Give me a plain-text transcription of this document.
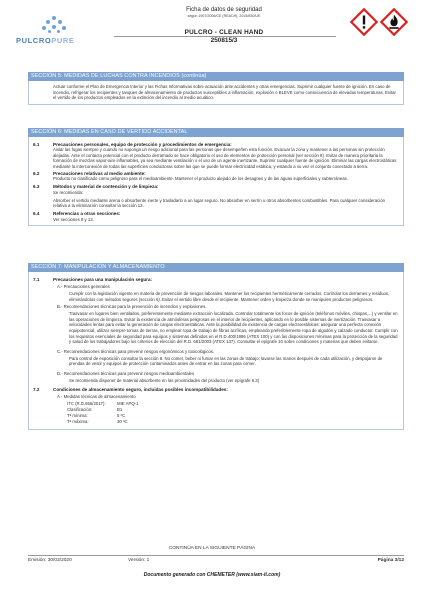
PULCROPURE
Ficha de datos de seguridad
según 1907/2006/CE (REACH), 2015/830/UE
PULCRO - CLEAN HAND
250815/3
SECCIÓN 5: MEDIDAS DE LUCHAS CONTRA INCENDIOS (continúa)
Actuar conforme el Plan de Emergencia Interior y las Fichas Informativas sobre actuación ante accidentes y otras emergencias. Suprimir cualquier fuente de ignición. En caso de incendio, refrigerar los recipientes y tanques de almacenamiento de productos susceptibles a inflamación, explosión o BLEVE como consecuencia de elevadas temperaturas. Evitar el vertido de los productos empleados en la extinción del incendio al medio acuático.
SECCIÓN 6: MEDIDAS EN CASO DE VERTIDO ACCIDENTAL
6.1	Precauciones personales, equipo de protección y procedimientos de emergencia:
Aislar las fugas siempre y cuando no suponga un riesgo adicional para las personas que desempeñen esta función. Evacuar la zona y mantener a las personas sin protección alejadas. Ante el contacto potencial con el producto derramado se hace obligatorio el uso de elementos de protección personal (ver sección 8). Evitar de manera prioritaria la formación de mezclas vapor-aire inflamables, ya sea mediante ventilación o el uso de un agente inertizante. Suprimir cualquier fuente de ignición. Eliminar las cargas electrostáticas mediante la interconexión de todas las superficies conductoras sobre las que se puede formar electricidad estática, y estando a su vez el conjunto conectado a tierra.
6.2	Precauciones relativas al medio ambiente:
Producto no clasificado como peligroso para el medioambiente. Mantener el producto alejado de los desagües y de las aguas superficiales y subterráneas.
6.3	Métodos y material de contención y de limpieza:
Se recomienda:
Absorber el vertido mediante arena o absorbente inerte y trasladarlo a un lugar seguro. No absorber en serrín u otros absorbentes combustibles. Para cualquier consideración relativa a la eliminación consultar la sección 13.
6.4	Referencias a otras secciones:
Ver secciones 8 y 13.
SECCIÓN 7: MANIPULACIÓN Y ALMACENAMIENTO
7.1	Precauciones para una manipulación segura:
A.- Precauciones generales
Cumplir con la legislación vigente en materia de prevención de riesgos laborales. Mantener los recipientes herméticamente cerrados. Controlar los derrames y residuos, eliminándolos con métodos seguros (sección 6). Evitar el vertido libre desde el recipiente. Mantener orden y limpieza donde se manipulen productos peligrosos.
B.- Recomendaciones técnicas para la prevención de incendios y explosiones.
Trasvasar en lugares bien ventilados, preferentemente mediante extracción localizada. Controlar totalmente los focos de ignición (teléfonos móviles, chispas,...) y ventilar en las operaciones de limpieza. Evitar la existencia de atmósferas peligrosas en el interior de recipientes, aplicando en lo posible sistemas de inertización. Trasvasar a velocidades lentas para evitar la generación de cargas electroestáticas. Ante la posibilidad de existencia de cargas electroestáticas: asegurar una perfecta conexión equipotencial, utilizar siempre tomas de tierras, no emplear ropa de trabajo de fibras acrílicas, empleando preferiblemente ropa de algodón y calzado conductor. Cumplir con los requisitos esenciales de seguridad para equipos y sistemas definidos en el R.D.400/1996 (ATEX 100) y con las disposiciones mínimas para la protección de la seguridad y salud de los trabajadores bajo los criterios de elección del R.D. 681/2003 (ATEX 137). Consultar el epígrafe 10 sobre condiciones y materias que deben evitarse.
C.- Recomendaciones técnicas para prevenir riesgos ergonómicos y toxicológicos.
Para control de exposición consultar la sección 8. No comer, beber ni fumar en las zonas de trabajo; lavarse las manos después de cada utilización, y despojarse de prendas de vestir y equipos de protección contaminados antes de entrar en las zonas para comer.
D.- Recomendaciones técnicas para prevenir riesgos medioambientales
Se recomienda disponer de material absorbente en las proximidades del producto (ver epígrafe 6.3)
7.2	Condiciones de almacenamiento seguro, incluidas posibles incompatibilidades:
A.- Medidas técnicas de almacenamiento
ITC (R.D.656/2017):	MIE APQ-1
Clasificación:	B1
Tª mínima:	5 ºC
Tª máxima:	30 ºC
CONTINÚA EN LA SIGUIENTE PÁGINA
Emisión: 30/03/2020	Versión: 1	Página 3/12
Documento generado con CHEMETER (www.siam-it.com)
